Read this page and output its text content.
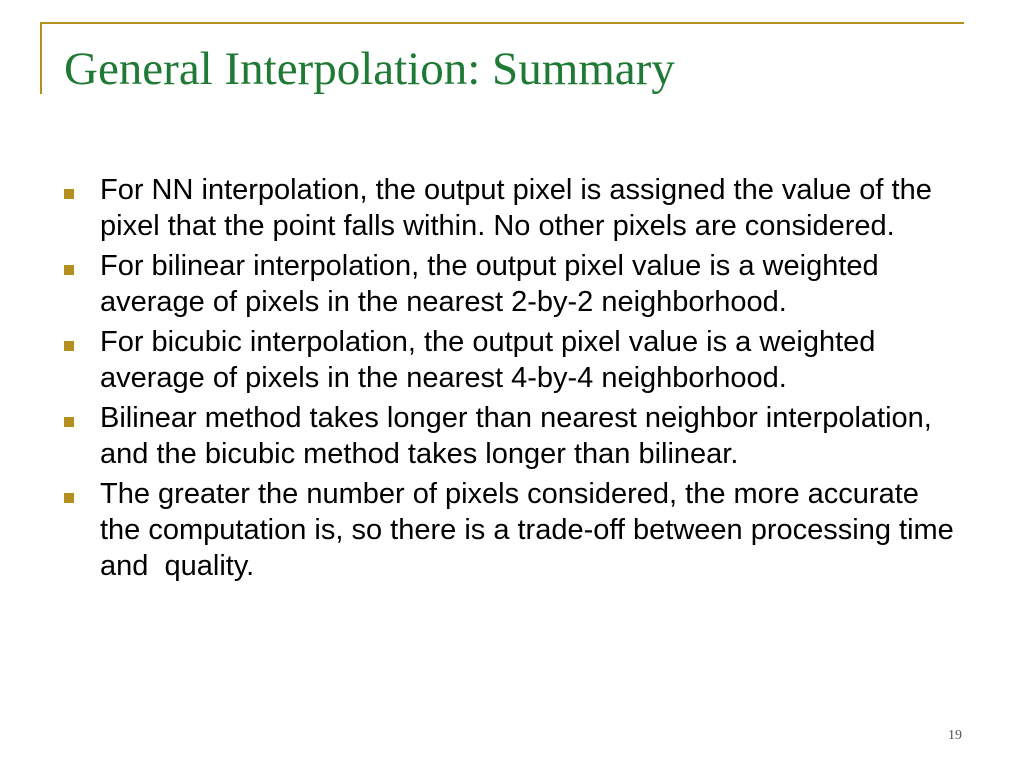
General Interpolation: Summary
For NN interpolation, the output pixel is assigned the value of the pixel that the point falls within. No other pixels are considered.
For bilinear interpolation, the output pixel value is a weighted average of pixels in the nearest 2-by-2 neighborhood.
For bicubic interpolation, the output pixel value is a weighted average of pixels in the nearest 4-by-4 neighborhood.
Bilinear method takes longer than nearest neighbor interpolation,   and the bicubic method takes longer than bilinear.
The greater the number of pixels considered, the more accurate the computation is, so there is a trade-off between processing time and  quality.
19
